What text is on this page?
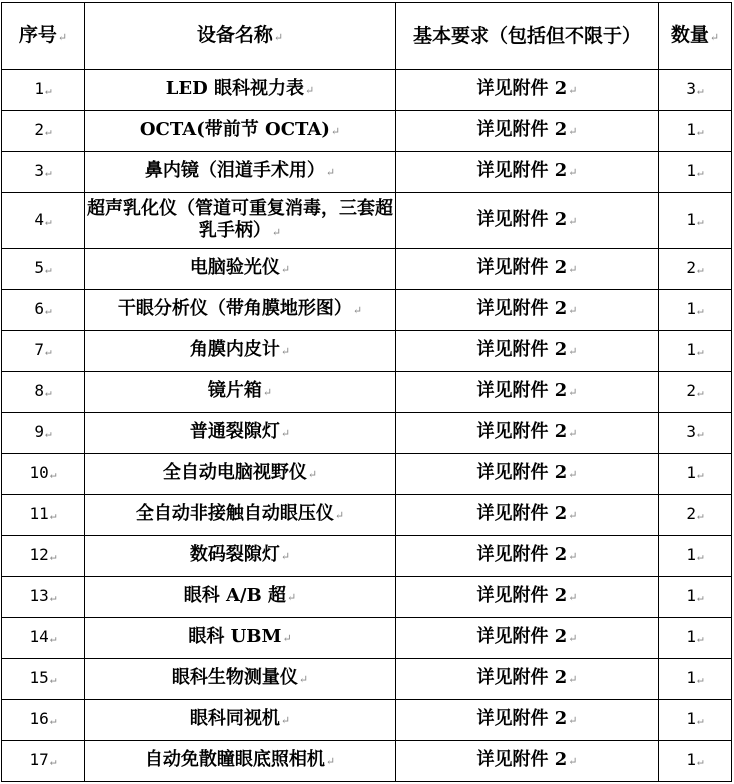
序号↵	设备名称↵	基本要求（包括但不限于）	数量↵
1↵	LED 眼科视力表↵	详见附件 2↵	3↵
2↵	OCTA(带前节 OCTA)↵	详见附件 2↵	1↵
3↵	鼻内镜（泪道手术用）↵	详见附件 2↵	1↵
4↵	超声乳化仪（管道可重复消毒，三套超乳手柄）↵	详见附件 2↵	1↵
5↵	电脑验光仪↵	详见附件 2↵	2↵
6↵	干眼分析仪（带角膜地形图）↵	详见附件 2↵	1↵
7↵	角膜内皮计↵	详见附件 2↵	1↵
8↵	镜片箱↵	详见附件 2↵	2↵
9↵	普通裂隙灯↵	详见附件 2↵	3↵
10↵	全自动电脑视野仪↵	详见附件 2↵	1↵
11↵	全自动非接触自动眼压仪↵	详见附件 2↵	2↵
12↵	数码裂隙灯↵	详见附件 2↵	1↵
13↵	眼科 A/B 超↵	详见附件 2↵	1↵
14↵	眼科 UBM↵	详见附件 2↵	1↵
15↵	眼科生物测量仪↵	详见附件 2↵	1↵
16↵	眼科同视机↵	详见附件 2↵	1↵
17↵	自动免散瞳眼底照相机↵	详见附件 2↵	1↵
